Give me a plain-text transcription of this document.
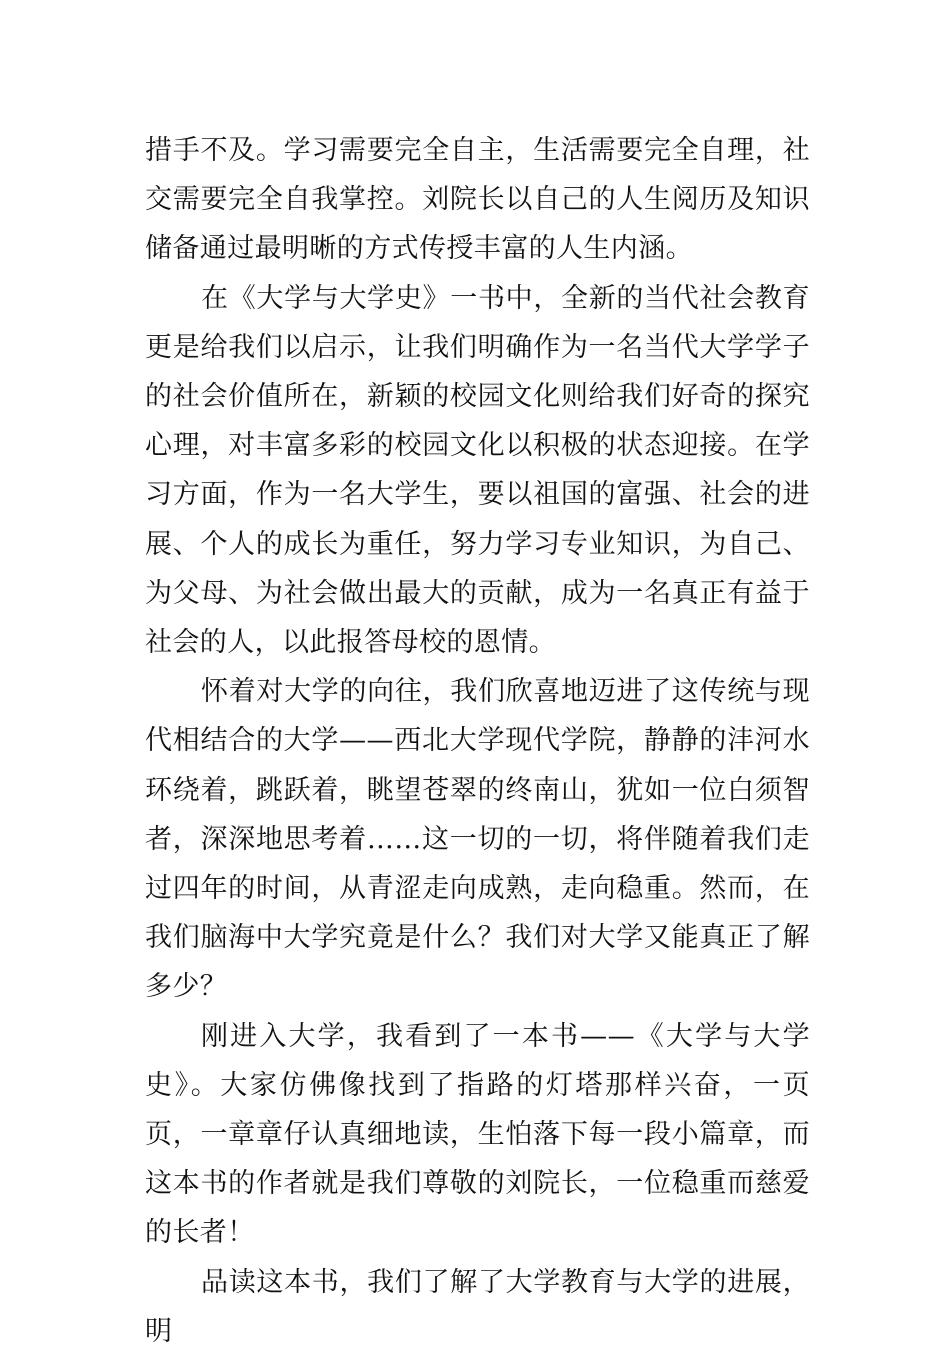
措手不及。学习需要完全自主，生活需要完全自理，社交需要完全自我掌控。刘院长以自己的人生阅历及知识储备通过最明晰的方式传授丰富的人生内涵。

在《大学与大学史》一书中，全新的当代社会教育更是给我们以启示，让我们明确作为一名当代大学学子的社会价值所在，新颖的校园文化则给我们好奇的探究心理，对丰富多彩的校园文化以积极的状态迎接。在学习方面，作为一名大学生，要以祖国的富强、社会的进展、个人的成长为重任，努力学习专业知识，为自己、为父母、为社会做出最大的贡献，成为一名真正有益于社会的人，以此报答母校的恩情。

怀着对大学的向往，我们欣喜地迈进了这传统与现代相结合的大学——西北大学现代学院，静静的沣河水环绕着，跳跃着，眺望苍翠的终南山，犹如一位白须智者，深深地思考着……这一切的一切，将伴随着我们走过四年的时间，从青涩走向成熟，走向稳重。然而，在我们脑海中大学究竟是什么？我们对大学又能真正了解多少？

刚进入大学，我看到了一本书——《大学与大学史》。大家仿佛像找到了指路的灯塔那样兴奋，一页页，一章章仔认真细地读，生怕落下每一段小篇章，而这本书的作者就是我们尊敬的刘院长，一位稳重而慈爱的长者！

品读这本书，我们了解了大学教育与大学的进展，明
